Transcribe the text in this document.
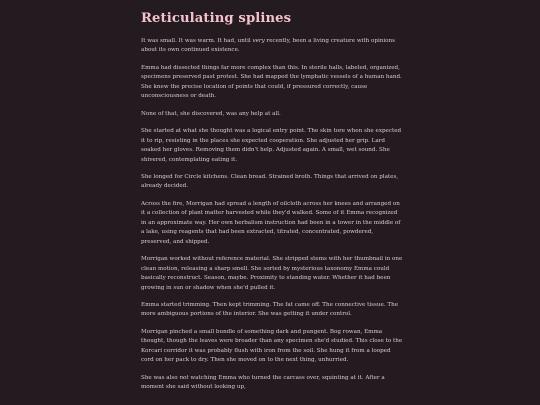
Reticulating splines

It was small. It was warm. It had, until very recently, been a living creature with opinions about its own continued existence.

Emma had dissected things far more complex than this. In sterile halls, labeled, organized, specimens preserved past protest. She had mapped the lymphatic vessels of a human hand. She knew the precise location of points that could, if pressured correctly, cause unconsciousness or death.

None of that, she discovered, was any help at all.

She started at what she thought was a logical entry point. The skin tore when she expected it to rip, resisting in the places she expected cooperation. She adjusted her grip. Lard soaked her gloves. Removing them didn't help. Adjusted again. A small, wet sound. She shivered, contemplating eating it.

She longed for Circle kitchens. Clean bread. Strained broth. Things that arrived on plates, already decided.

Across the fire, Morrigan had spread a length of oilcloth across her knees and arranged on it a collection of plant matter harvested while they'd walked. Some of it Emma recognized in an approximate way. Her own herbalism instruction had been in a tower in the middle of a lake, using reagents that had been extracted, titrated, concentrated, powdered, preserved, and shipped.

Morrigan worked without reference material. She stripped stems with her thumbnail in one clean motion, releasing a sharp smell. She sorted by mysterious taxonomy Emma could basically reconstruct. Season, maybe. Proximity to standing water. Whether it had been growing in sun or shadow when she'd pulled it.

Emma started trimming. Then kept trimming. The fat came off. The connective tissue. The more ambiguous portions of the interior. She was getting it under control.

Morrigan pinched a small bundle of something dark and pungent. Bog rowan, Emma thought, though the leaves were broader than any specimen she'd studied. This close to the Korcari corridor it was probably flush with iron from the soil. She hung it from a looped cord on her pack to dry. Then she moved on to the next thing, unhurried.

She was also not watching Emma who turned the carcass over, squinting at it. After a moment she said without looking up,
